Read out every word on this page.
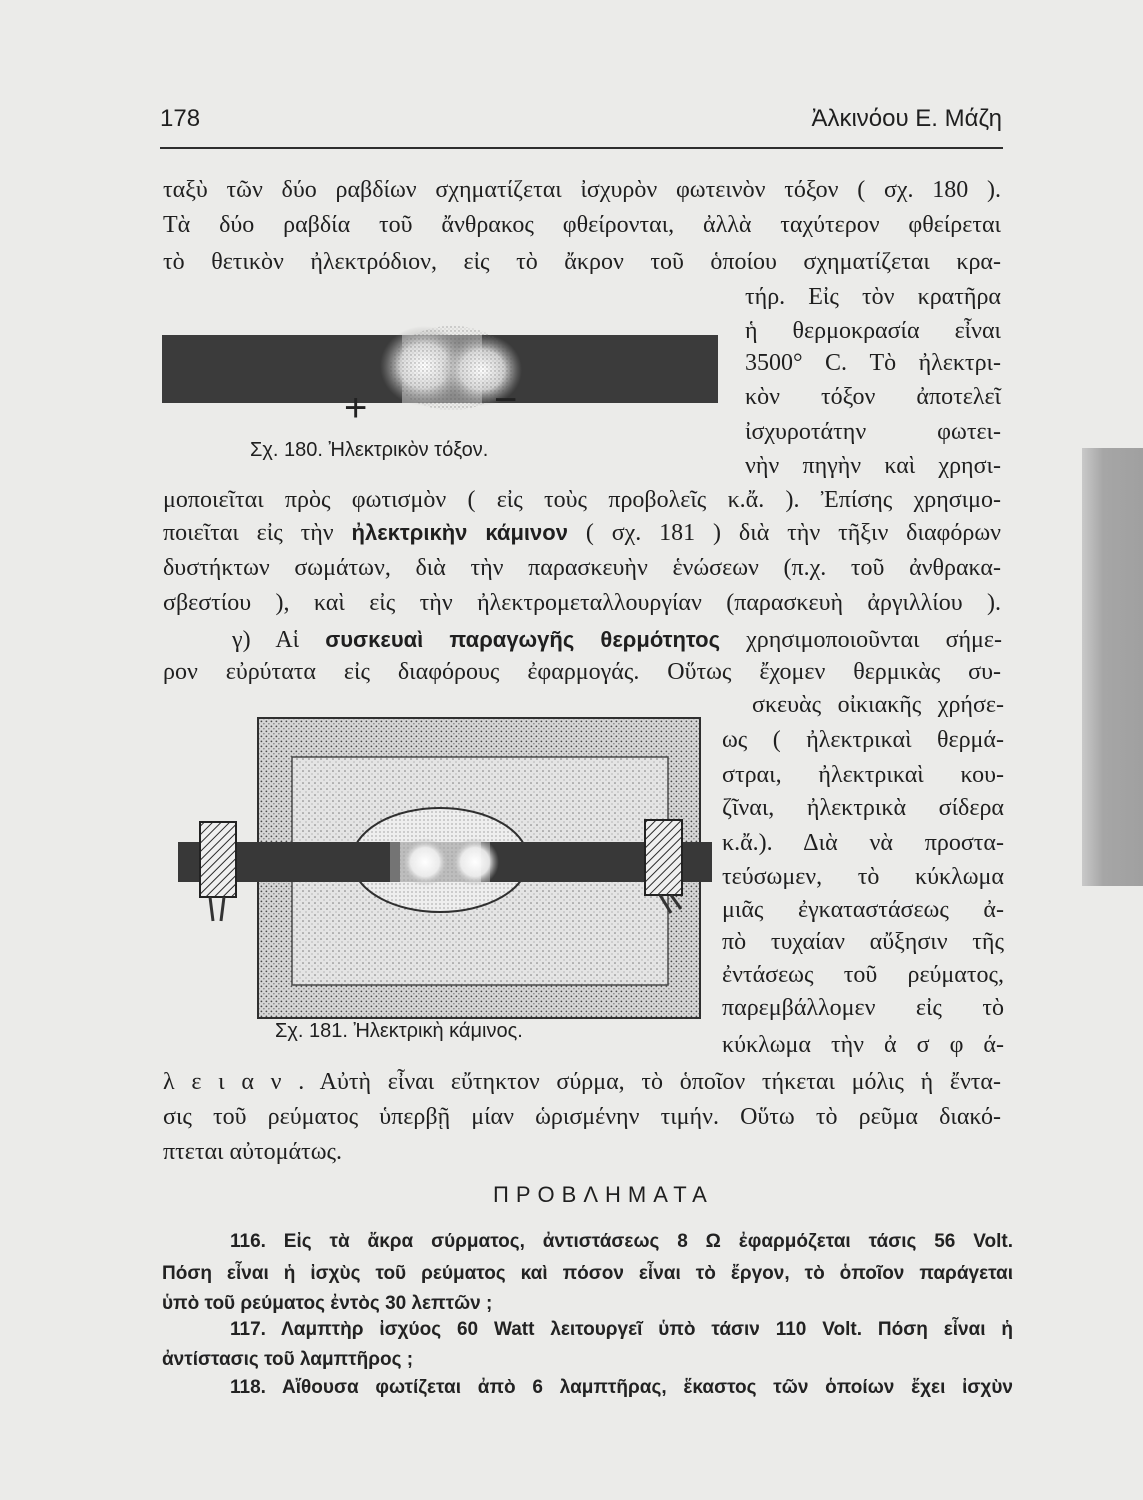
178	Ἀλκινόου Ε. Μάζη
ταξὺ τῶν δύο ραβδίων σχηματίζεται ἰσχυρὸν φωτεινὸν τόξον ( σχ. 180 ).
Τὰ δύο ραβδία τοῦ ἄνθρακος φθείρονται, ἀλλὰ ταχύτερον φθείρεται
τὸ θετικὸν ἠλεκτρόδιον, εἰς τὸ ἄκρον τοῦ ὁποίου σχηματίζεται κρα-
τήρ. Εἰς τὸν κρατῆρα
ἡ θερμοκρασία εἶναι
3500° C. Τὸ ἠλεκτρι-
κὸν τόξον ἀποτελεῖ
ἰσχυροτάτην φωτει-
νὴν πηγὴν καὶ χρησι-
+	−
Σχ. 180. Ἠλεκτρικὸν τόξον.
μοποιεῖται πρὸς φωτισμὸν ( εἰς τοὺς προβολεῖς κ.ἄ. ). Ἐπίσης χρησιμο-
ποιεῖται εἰς τὴν ἠλεκτρικὴν κάμινον ( σχ. 181 ) διὰ τὴν τῆξιν διαφόρων
δυστήκτων σωμάτων, διὰ τὴν παρασκευὴν ἑνώσεων (π.χ. τοῦ ἀνθρακα-
σβεστίου ), καὶ εἰς τὴν ἠλεκτρομεταλλουργίαν (παρασκευὴ ἀργιλλίου ).
γ) Αἱ συσκευαὶ παραγωγῆς θερμότητος χρησιμοποιοῦνται σήμε-
ρον εὐρύτατα εἰς διαφόρους ἐφαρμογάς. Οὕτως ἔχομεν θερμικὰς συ-
σκευὰς οἰκιακῆς χρήσε-
ως ( ἠλεκτρικαὶ θερμά-
στραι, ἠλεκτρικαὶ κου-
ζῖναι, ἠλεκτρικὰ σίδερα
κ.ἄ.). Διὰ νὰ προστα-
τεύσωμεν, τὸ κύκλωμα
μιᾶς ἐγκαταστάσεως ἀ-
πὸ τυχαίαν αὔξησιν τῆς
ἐντάσεως τοῦ ρεύματος,
παρεμβάλλομεν εἰς τὸ
κύκλωμα τὴν ἀ σ φ ά-
Σχ. 181. Ἠλεκτρικὴ κάμινος.
λ ε ι α ν . Αὐτὴ εἶναι εὔτηκτον σύρμα, τὸ ὁποῖον τήκεται μόλις ἡ ἔντα-
σις τοῦ ρεύματος ὑπερβῇ μίαν ὡρισμένην τιμήν. Οὕτω τὸ ρεῦμα διακό-
πτεται αὐτομάτως.
ΠΡΟΒΛΗΜΑΤΑ
116. Εἰς τὰ ἄκρα σύρματος, ἀντιστάσεως 8 Ω ἐφαρμόζεται τάσις 56 Volt.
Πόση εἶναι ἡ ἰσχὺς τοῦ ρεύματος καὶ πόσον εἶναι τὸ ἔργον, τὸ ὁποῖον παράγεται
ὑπὸ τοῦ ρεύματος ἐντὸς 30 λεπτῶν ;
117. Λαμπτὴρ ἰσχύος 60 Watt λειτουργεῖ ὑπὸ τάσιν 110 Volt. Πόση εἶναι ἡ
ἀντίστασις τοῦ λαμπτῆρος ;
118. Αἴθουσα φωτίζεται ἀπὸ 6 λαμπτῆρας, ἕκαστος τῶν ὁποίων ἔχει ἰσχὺν
